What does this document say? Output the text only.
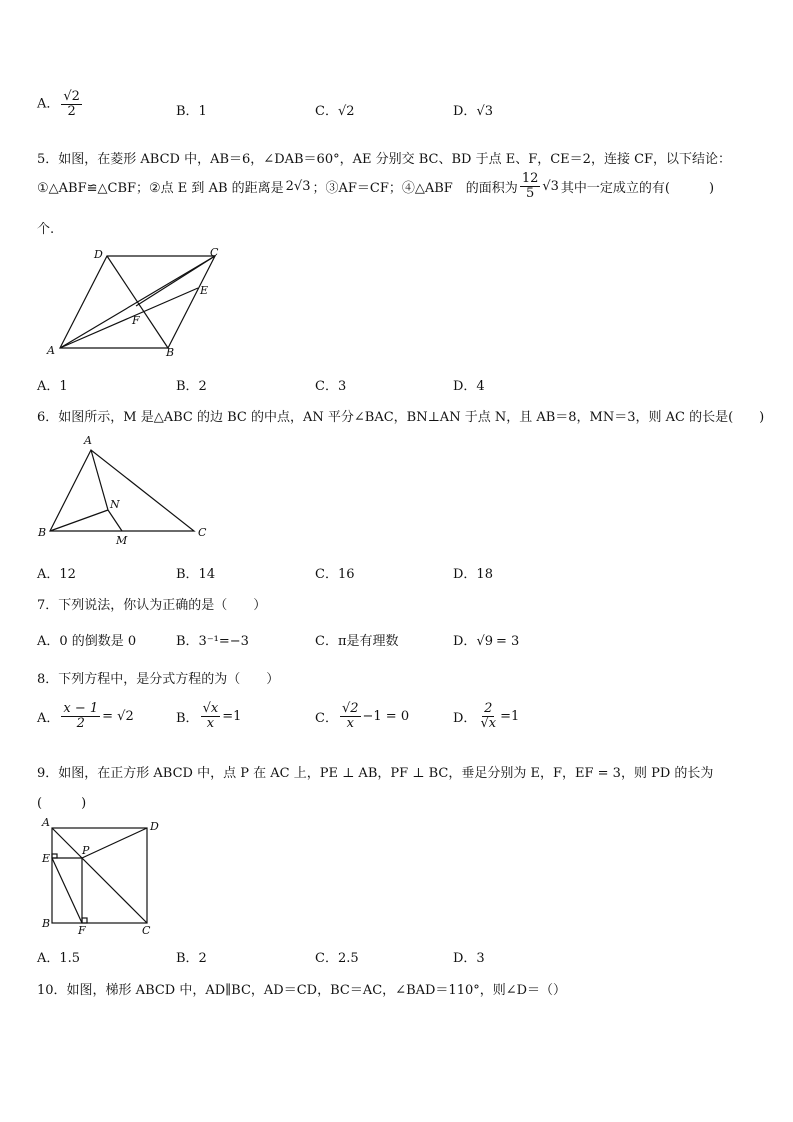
A． $\frac{√2}{2}$	B．1	C．√2	D．√3
5．如图，在菱形 ABCD 中，AB＝6，∠DAB＝60°，AE 分别交 BC、BD 于点 E、F，CE＝2，连接 CF，以下结论：
①△ABF≌△CBF；②点 E 到 AB 的距离是 2√3 ；③AF＝CF；④△ABF　的面积为 $\frac{12}{5} √3$ 其中一定成立的有(　　　)
个.
A	B
C
D
E
F
A．1	B．2	C．3	D．4
6．如图所示，M 是△ABC 的边 BC 的中点，AN 平分∠BAC，BN⊥AN 于点 N，且 AB＝8，MN＝3，则 AC 的长是(　　)
A
B	C
N
M
A．12	B．14	C．16	D．18
7．下列说法，你认为正确的是（　　）
A．0 的倒数是 0	B．3⁻¹=−3	C．π是有理数	D．√9 = 3
8．下列方程中，是分式方程的为（　　）
A． $\frac{x - 1}{2} = √2$	B． $\frac{√x}{x} =1$	C． $\frac{√2}{x} -1 = 0$	D． $\frac{2}{√x} =1$
9．如图，在正方形 ABCD 中，点 P 在 AC 上，PE ⊥ AB，PF ⊥ BC，垂足分别为 E，F，EF = 3，则 PD 的长为
(　　　)
A	D
E
P
B
F	C
A．1.5	B．2	C．2.5	D．3
10．如图，梯形 ABCD 中，AD∥BC，AD＝CD，BC＝AC，∠BAD＝110°，则∠D＝（）
